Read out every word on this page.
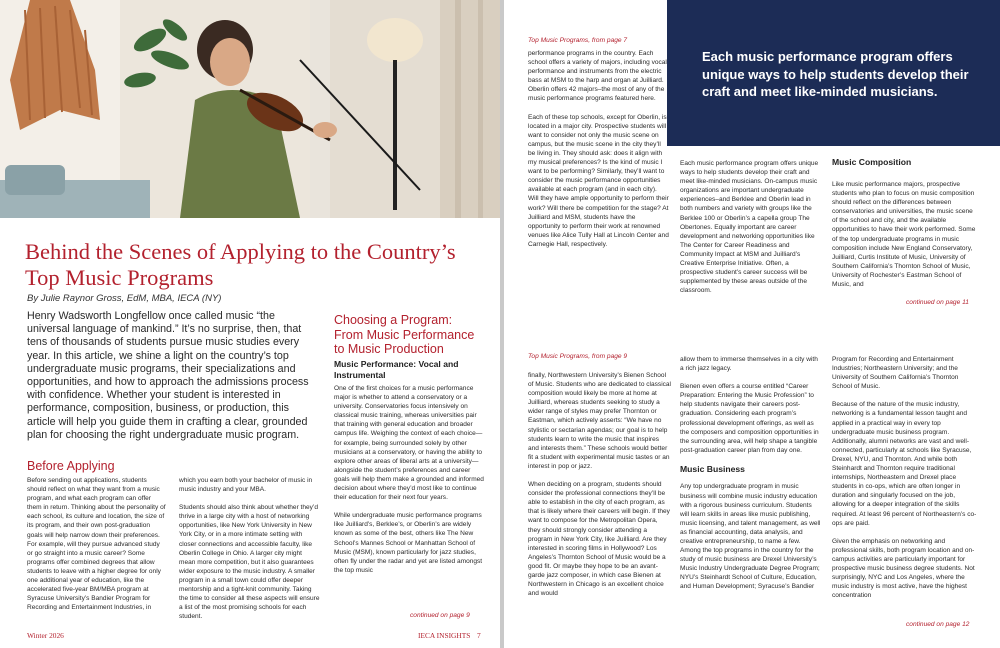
Behind the Scenes of Applying to the Country’s Top Music Programs
By Julie Raynor Gross, EdM, MBA, IECA (NY)
Henry Wadsworth Longfellow once called music “the universal language of mankind.” It’s no surprise, then, that tens of thousands of students pursue music studies every year. In this article, we shine a light on the country’s top undergraduate music programs, their specializations and opportunities, and how to approach the admissions process with confidence. Whether your student is interested in performance, composition, business, or production, this article will help you guide them in crafting a clear, grounded plan for choosing the right undergraduate music program.
Before Applying

Before sending out applications, students should reflect on what they want from a music program, and what each program can offer them in return. Thinking about the personality of each school, its culture and location, the size of its program, and their own post-graduation goals will help narrow down their preferences. For example, will they pursue advanced study or go straight into a music career? Some programs offer combined degrees that allow students to leave with a higher degree for only one additional year of education, like the accelerated five-year BM/MBA program at Syracuse University’s Bandier Program for Recording and Entertainment Industries, in

which you earn both your bachelor of music in music industry and your MBA.

Students should also think about whether they’d thrive in a large city with a host of networking opportunities, like New York University in New York City, or in a more intimate setting with closer connections and accessible faculty, like Oberlin College in Ohio. A larger city might mean more competition, but it also guarantees wider exposure to the music industry. A smaller program in a small town could offer deeper mentorship and a tight-knit community. Taking the time to consider all these aspects will ensure a list of the most promising schools for each student.

Choosing a Program: From Music Performance to Music Production
Music Performance: Vocal and Instrumental

One of the first choices for a music performance major is whether to attend a conservatory or a university. Conservatories focus intensively on classical music training, whereas universities pair that training with general education and broader campus life. Weighing the context of each choice—for example, being surrounded solely by other musicians at a conservatory, or having the ability to explore other areas of liberal arts at a university—alongside the student’s preferences and career goals will help them make a grounded and informed decision about where they’d most like to continue their education for their next four years.

While undergraduate music performance programs like Juilliard’s, Berklee’s, or Oberlin’s are widely known as some of the best, others like The New School’s Mannes School or Manhattan School of Music (MSM), known particularly for jazz studies, often fly under the radar and yet are listed amongst the top music

continued on page 9
Winter 2026	IECA INSIGHTS 7
Each music performance program offers unique ways to help students develop their craft and meet like-minded musicians.
Top Music Programs, from page 7

performance programs in the country. Each school offers a variety of majors, including vocal performance and instruments from the electric bass at MSM to the harp and organ at Juilliard. Oberlin offers 42 majors–the most of any of the music performance programs featured here.

Each of these top schools, except for Oberlin, is located in a major city. Prospective students will want to consider not only the music scene on campus, but the music scene in the city they’ll be living in. They should ask: does it align with my musical preferences? Is the kind of music I want to be performing? Similarly, they’ll want to consider the music performance opportunities available at each program (and in each city). Will they have ample opportunity to perform their work? Will there be competition for the stage? At Juilliard and MSM, students have the opportunity to perform their work at renowned venues like Alice Tully Hall at Lincoln Center and Carnegie Hall, respectively.

Each music performance program offers unique ways to help students develop their craft and meet like-minded musicians. On-campus music organizations are important undergraduate experiences–and Berklee and Oberlin lead in both numbers and variety with groups like the Berklee 100 or Oberlin’s a capella group The Obertones. Equally important are career development and networking opportunities like The Center for Career Readiness and Community Impact at MSM and Juilliard’s Creative Enterprise Initiative. Often, a prospective student’s career success will be supplemented by these areas outside of the classroom.

Music Composition

Like music performance majors, prospective students who plan to focus on music composition should reflect on the differences between conservatories and universities, the music scene of the school and city, and the available opportunities to have their work performed. Some of the top undergraduate programs in music composition include New England Conservatory, Juilliard, Curtis Institute of Music, University of Southern California’s Thornton School of Music, University of Rochester’s Eastman School of Music, and

continued on page 11
Top Music Programs, from page 9

finally, Northwestern University’s Bienen School of Music. Students who are dedicated to classical composition would likely be more at home at Juilliard, whereas students seeking to study a wider range of styles may prefer Thornton or Eastman, which actively asserts: “We have no stylistic or sectarian agendas; our goal is to help students learn to write the music that inspires and interests them.” These schools would better fit a student with experimental music tastes or an interest in pop or jazz.

When deciding on a program, students should consider the professional connections they’ll be able to establish in the city of each program, as that is likely where their careers will begin. If they want to compose for the Metropolitan Opera, they should strongly consider attending a program in New York City, like Juilliard. Are they interested in scoring films in Hollywood? Los Angeles’s Thornton School of Music would be a good fit. Or maybe they hope to be an avant-garde jazz composer, in which case Bienen at Northwestern in Chicago is an excellent choice and would

allow them to immerse themselves in a city with a rich jazz legacy.

Bienen even offers a course entitled “Career Preparation: Entering the Music Profession” to help students navigate their careers post-graduation. Considering each program’s professional development offerings, as well as the composers and composition opportunities in the surrounding area, will help shape a tangible post-graduation career plan from day one.

Music Business

Any top undergraduate program in music business will combine music industry education with a rigorous business curriculum. Students will learn skills in areas like music publishing, music licensing, and talent management, as well as financial accounting, data analysis, and creative entrepreneurship, to name a few. Among the top programs in the country for the study of music business are Drexel University’s Music Industry Undergraduate Degree Program; NYU’s Steinhardt School of Culture, Education, and Human Development; Syracuse’s Bandier

Program for Recording and Entertainment Industries; Northeastern University; and the University of Southern California’s Thornton School of Music.

Because of the nature of the music industry, networking is a fundamental lesson taught and applied in a practical way in every top undergraduate music business program. Additionally, alumni networks are vast and well-connected, particularly at schools like Syracuse, Drexel, NYU, and Thornton. And while both Steinhardt and Thornton require traditional internships, Northeastern and Drexel place students in co-ops, which are often longer in duration and singularly focused on the job, allowing for a deeper integration of the skills required. At least 96 percent of Northeastern’s co-ops are paid.

Given the emphasis on networking and professional skills, both program location and on-campus activities are particularly important for prospective music business degree students. Not surprisingly, NYC and Los Angeles, where the music industry is most active, have the highest concentration

continued on page 12
